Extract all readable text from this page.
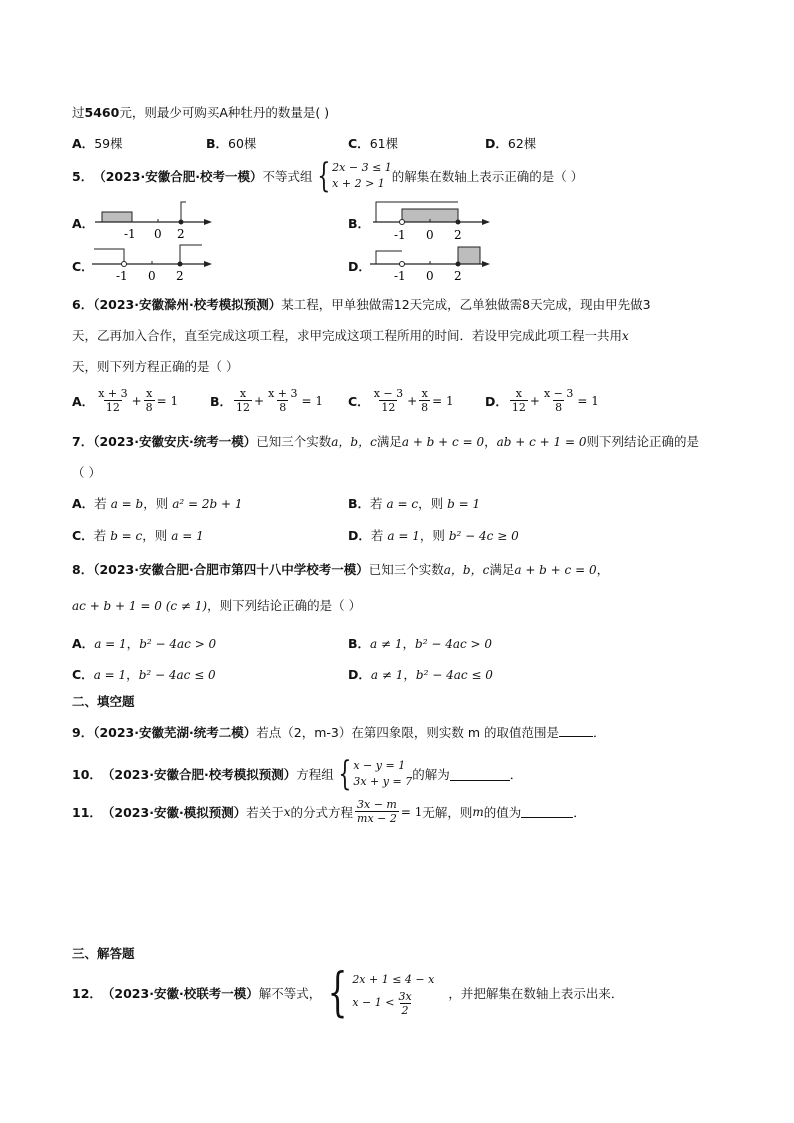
过5460元，则最少可购买A种牡丹的数量是( )
A．59棵	B．60棵	C．61棵	D．62棵
5． （2023·安徽合肥·校考一模） 不等式组 { 2x − 3 ≤ 1
x + 2 > 1 的解集在数轴上表示正确的是（ ）
A．
-1 0 2
B．
-1 0 2
C．
-1 0 2
D．
-1 0 2
6．（2023·安徽滁州·校考模拟预测）某工程，甲单独做需12天完成，乙单独做需8天完成，现由甲先做3
天，乙再加入合作，直至完成这项工程，求甲完成这项工程所用的时间．若设甲完成此项工程一共用x
天，则下列方程正确的是（ ）
A． $\frac{x + 3}{12} + \frac{x}{8} = 1$	B． $\frac{x}{12} + \frac{x + 3}{8} = 1$ C． $\frac{x - 3}{12} + \frac{x}{8} = 1$	D． $\frac{x}{12} + \frac{x - 3}{8} = 1$
7．（2023·安徽安庆·统考一模）已知三个实数a，b，c满足a + b + c = 0，ab + c + 1 = 0则下列结论正确的是
（ ）
A．若 a = b，则 a² = 2b + 1	B．若 a = c，则 b = 1
C．若 b = c，则 a = 1	D．若 a = 1，则 b² − 4c ≥ 0
8．（2023·安徽合肥·合肥市第四十八中学校考一模）已知三个实数a，b，c满足a + b + c = 0，
ac + b + 1 = 0 (c ≠ 1)，则下列结论正确的是（ ）
A．a = 1，b² − 4ac > 0	B．a ≠ 1，b² − 4ac > 0
C．a = 1，b² − 4ac ≤ 0	D．a ≠ 1，b² − 4ac ≤ 0
二、填空题
9．（2023·安徽芜湖·统考二模）若点（2，m-3）在第四象限，则实数 m 的取值范围是	．
10． （2023·安徽合肥·校考模拟预测） 方程组 { x − y = 1
3x + y = 7 的解为	．
11． （2023·安徽·模拟预测） 若关于 x 的分式方程 $\frac{3x - m}{mx - 2} = 1$ 无解，则 m 的值为	．
三、解答题
12． （2023·安徽·校联考一模） 解不等式， { 2x + 1 ≤ 4 − x
$x - 1 < \frac{3x}{2}$	，并把解集在数轴上表示出来．
